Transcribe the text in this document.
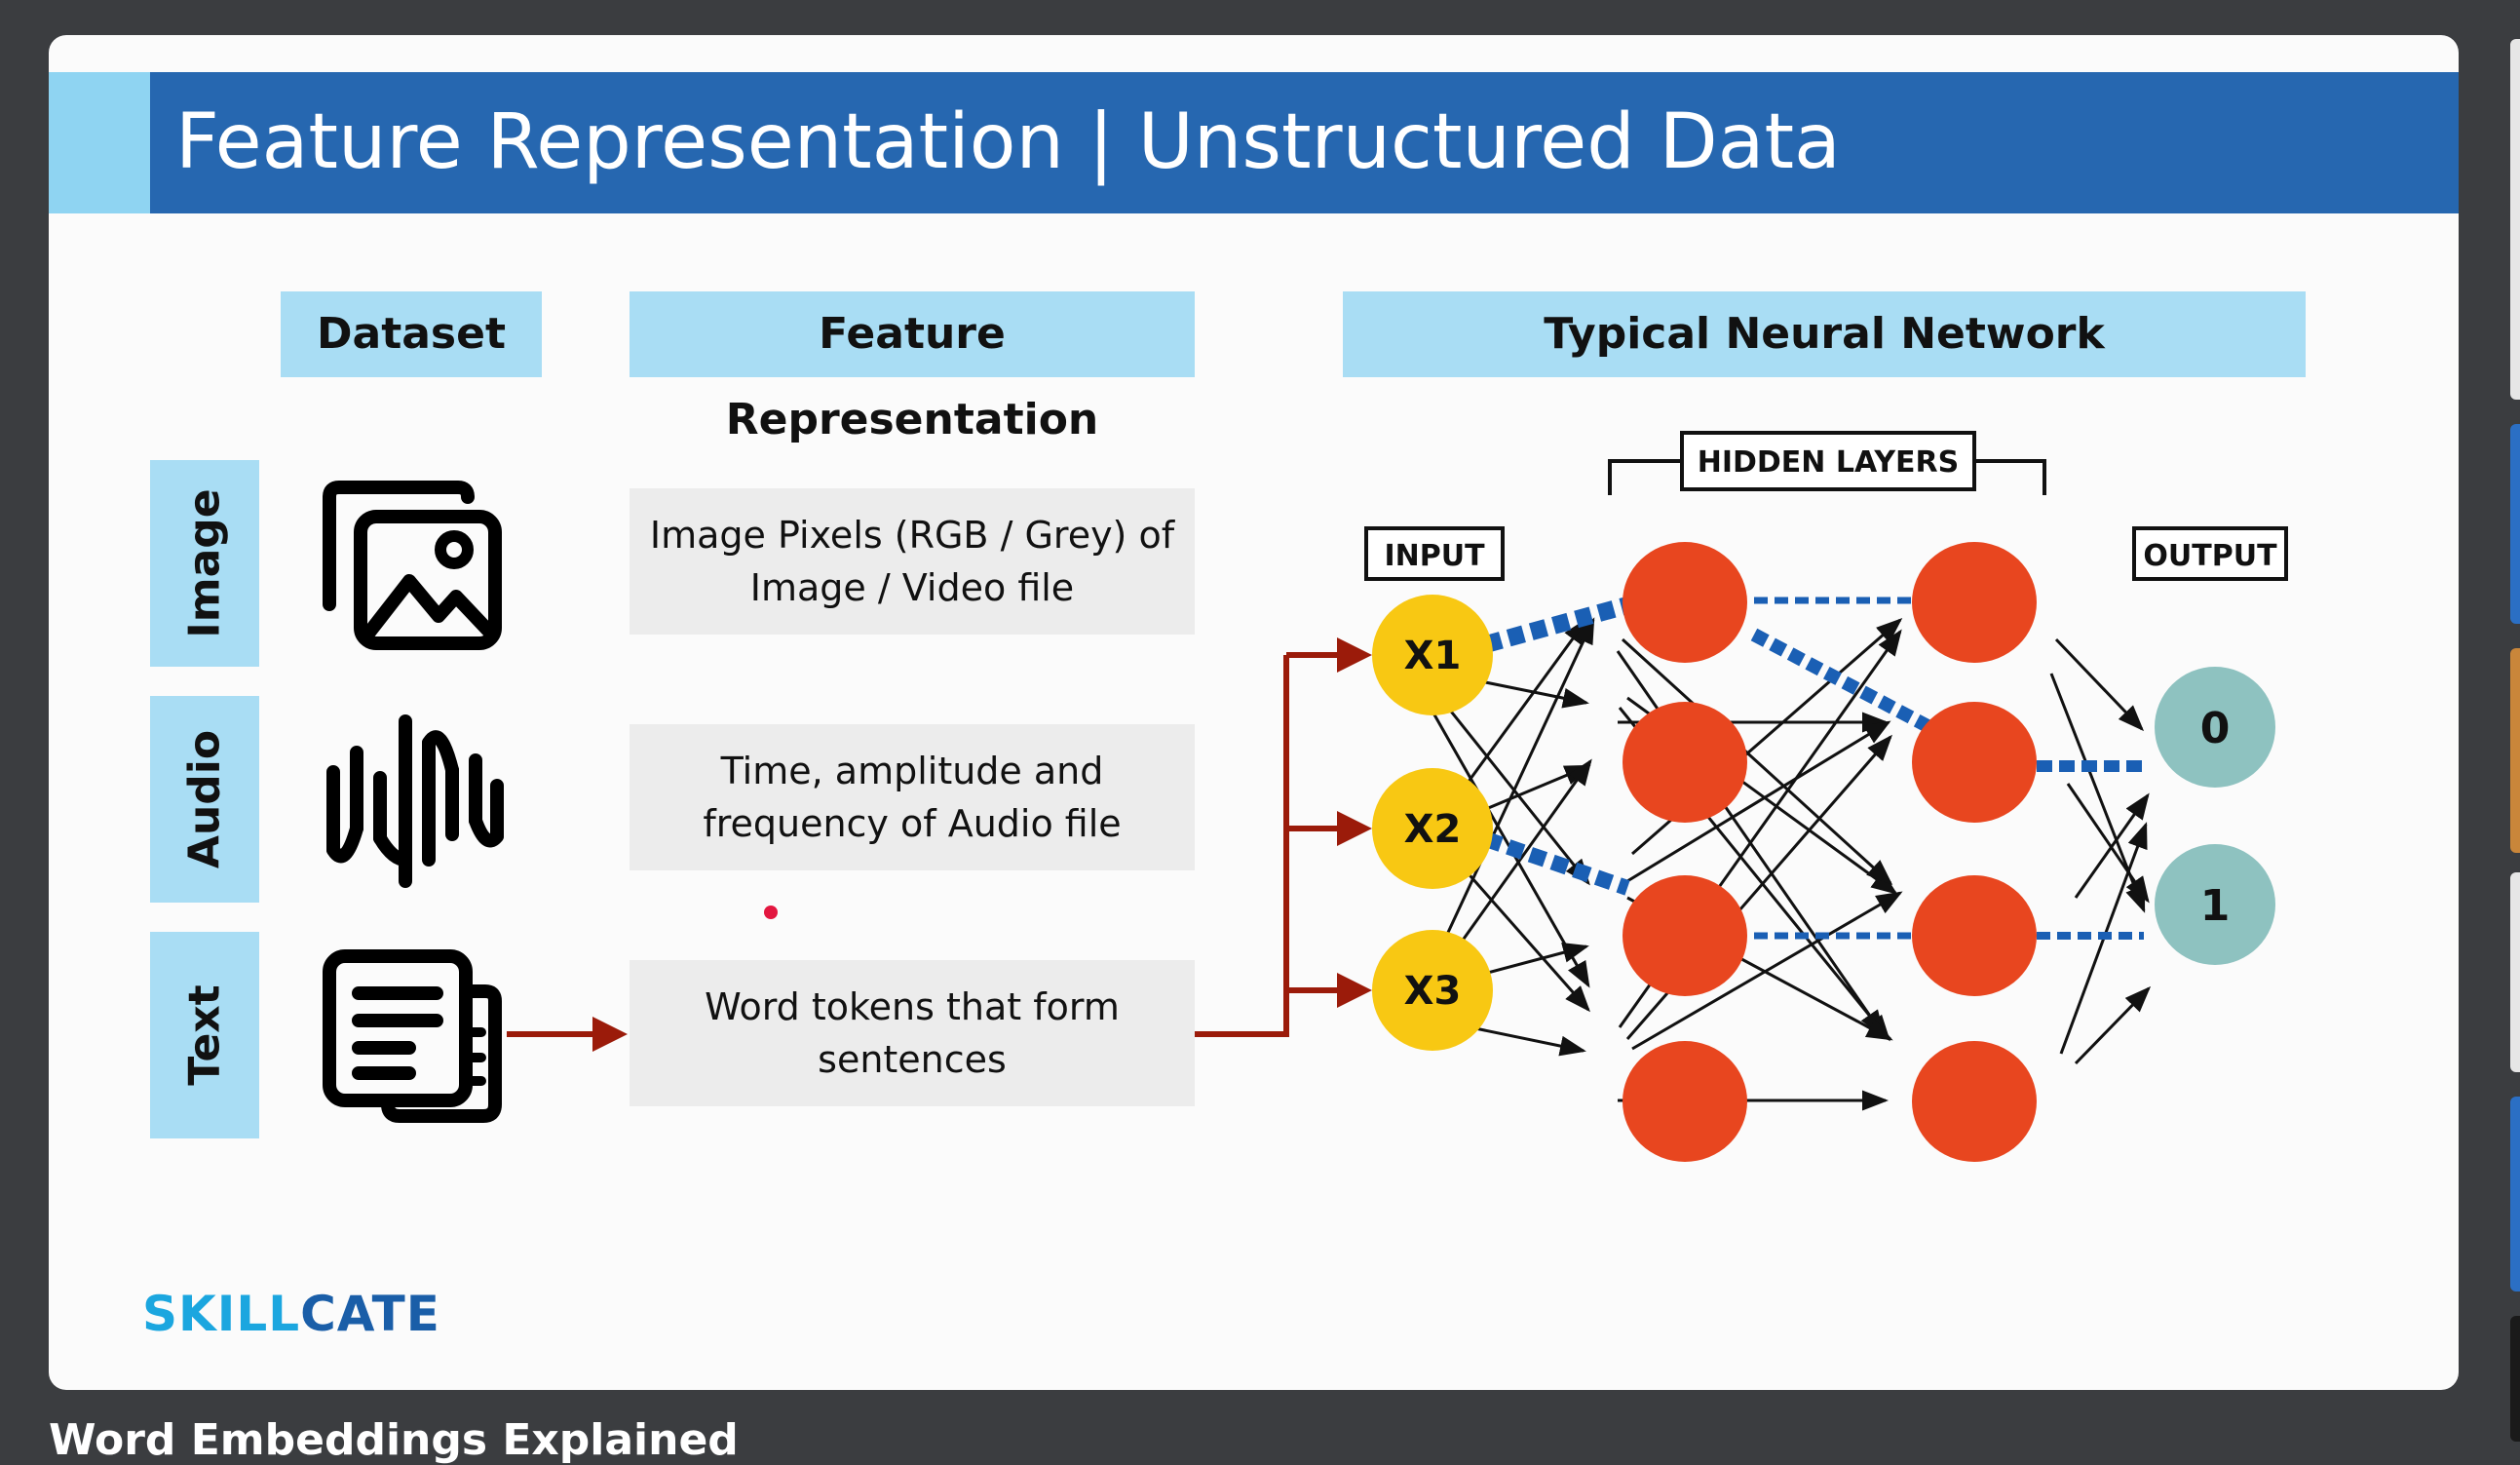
Feature Representation | Unstructured Data
Dataset	Feature Representation
Typical Neural Network
Image
Audio
Text
Image Pixels (RGB / Grey) of Image / Video file
Time, amplitude and frequency of Audio file
Word tokens that form sentences
HIDDEN LAYERS
INPUT	OUTPUT
X1
X2
X3
0
1
SKILLCATE
Word Embeddings Explained
